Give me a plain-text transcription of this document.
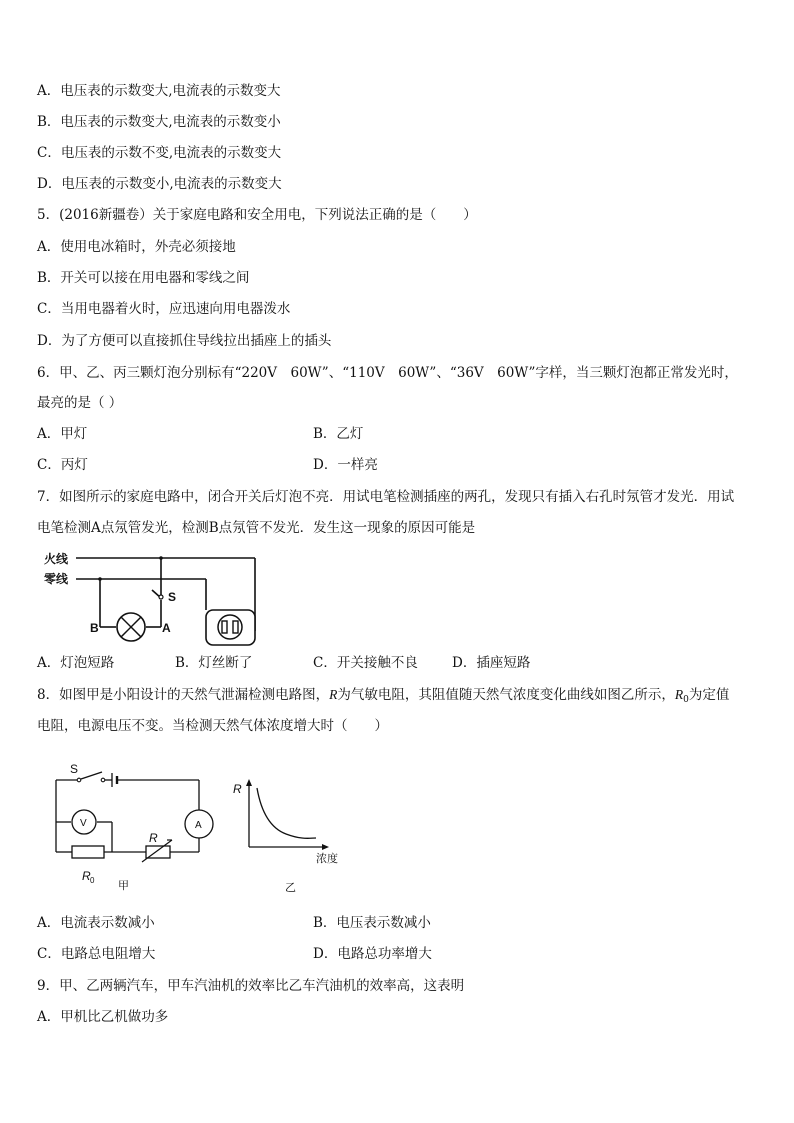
A．电压表的示数变大,电流表的示数变大
B．电压表的示数变大,电流表的示数变小
C．电压表的示数不变,电流表的示数变大
D．电压表的示数变小,电流表的示数变大
5．(2016新疆卷）关于家庭电路和安全用电，下列说法正确的是（　　）
A．使用电冰箱时，外壳必须接地
B．开关可以接在用电器和零线之间
C．当用电器着火时，应迅速向用电器泼水
D．为了方便可以直接抓住导线拉出插座上的插头
6．甲、乙、丙三颗灯泡分别标有“220V　60W”、“110V　60W”、“36V　60W”字样，当三颗灯泡都正常发光时，
最亮的是（ ）
A．甲灯	B．乙灯
C．丙灯	D．一样亮
7．如图所示的家庭电路中，闭合开关后灯泡不亮．用试电笔检测插座的两孔，发现只有插入右孔时氖管才发光．用试
电笔检测A点氖管发光，检测B点氖管不发光．发生这一现象的原因可能是
火线
零线
S
A
B
A．灯泡短路	B．灯丝断了	C．开关接触不良	D．插座短路
8．如图甲是小阳设计的天然气泄漏检测电路图，R为气敏电阻，其阻值随天然气浓度变化曲线如图乙所示，$R_0$为定值
电阻，电源电压不变。当检测天然气体浓度增大时（　　）
S
V	A
R
R 0 甲
R
浓度
乙
A．电流表示数减小	B．电压表示数减小
C．电路总电阻增大	D．电路总功率增大
9．甲、乙两辆汽车，甲车汽油机的效率比乙车汽油机的效率高，这表明
A．甲机比乙机做功多
